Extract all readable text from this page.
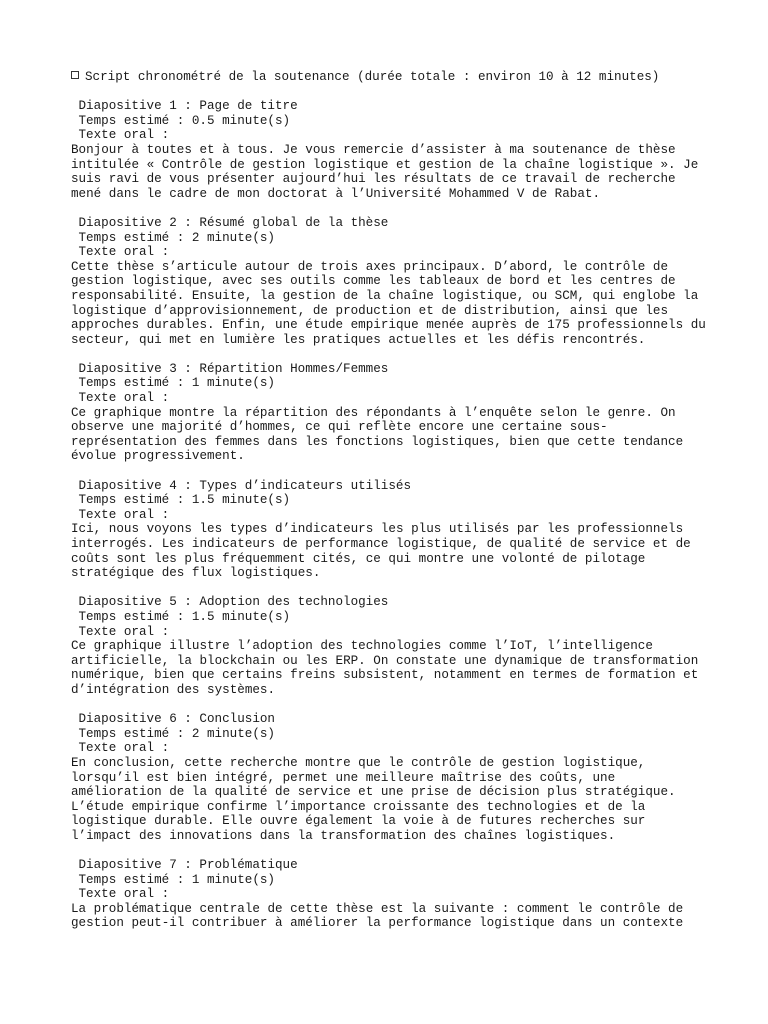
Script chronométré de la soutenance (durée totale : environ 10 à 12 minutes)
Diapositive 1 : Page de titre
Temps estimé : 0.5 minute(s)
Texte oral :
Bonjour à toutes et à tous. Je vous remercie d’assister à ma soutenance de thèse intitulée « Contrôle de gestion logistique et gestion de la chaîne logistique ». Je suis ravi de vous présenter aujourd’hui les résultats de ce travail de recherche mené dans le cadre de mon doctorat à l’Université Mohammed V de Rabat.
Diapositive 2 : Résumé global de la thèse
Temps estimé : 2 minute(s)
Texte oral :
Cette thèse s’articule autour de trois axes principaux. D’abord, le contrôle de gestion logistique, avec ses outils comme les tableaux de bord et les centres de responsabilité. Ensuite, la gestion de la chaîne logistique, ou SCM, qui englobe la logistique d’approvisionnement, de production et de distribution, ainsi que les approches durables. Enfin, une étude empirique menée auprès de 175 professionnels du secteur, qui met en lumière les pratiques actuelles et les défis rencontrés.
Diapositive 3 : Répartition Hommes/Femmes
Temps estimé : 1 minute(s)
Texte oral :
Ce graphique montre la répartition des répondants à l’enquête selon le genre. On observe une majorité d’hommes, ce qui reflète encore une certaine sous-représentation des femmes dans les fonctions logistiques, bien que cette tendance évolue progressivement.
Diapositive 4 : Types d’indicateurs utilisés
Temps estimé : 1.5 minute(s)
Texte oral :
Ici, nous voyons les types d’indicateurs les plus utilisés par les professionnels interrogés. Les indicateurs de performance logistique, de qualité de service et de coûts sont les plus fréquemment cités, ce qui montre une volonté de pilotage stratégique des flux logistiques.
Diapositive 5 : Adoption des technologies
Temps estimé : 1.5 minute(s)
Texte oral :
Ce graphique illustre l’adoption des technologies comme l’IoT, l’intelligence artificielle, la blockchain ou les ERP. On constate une dynamique de transformation numérique, bien que certains freins subsistent, notamment en termes de formation et d’intégration des systèmes.
Diapositive 6 : Conclusion
Temps estimé : 2 minute(s)
Texte oral :
En conclusion, cette recherche montre que le contrôle de gestion logistique, lorsqu’il est bien intégré, permet une meilleure maîtrise des coûts, une amélioration de la qualité de service et une prise de décision plus stratégique. L’étude empirique confirme l’importance croissante des technologies et de la logistique durable. Elle ouvre également la voie à de futures recherches sur l’impact des innovations dans la transformation des chaînes logistiques.
Diapositive 7 : Problématique
Temps estimé : 1 minute(s)
Texte oral :
La problématique centrale de cette thèse est la suivante : comment le contrôle de gestion peut-il contribuer à améliorer la performance logistique dans un contexte
